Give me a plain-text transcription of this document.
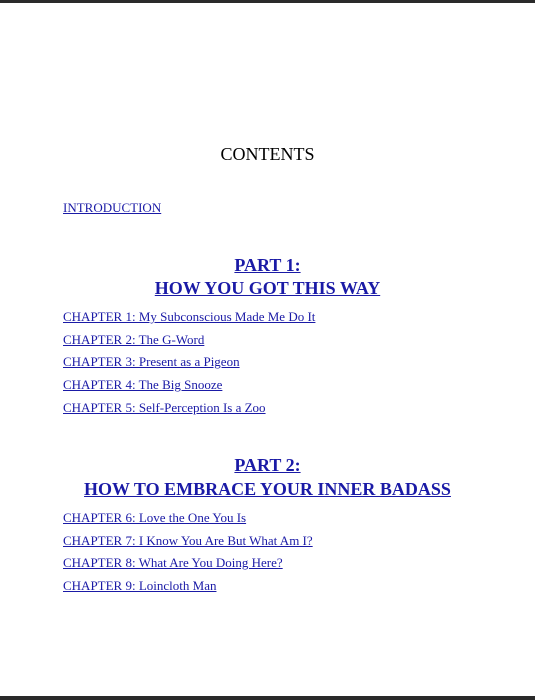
CONTENTS
INTRODUCTION
PART 1:
HOW YOU GOT THIS WAY
CHAPTER 1: My Subconscious Made Me Do It
CHAPTER 2: The G-Word
CHAPTER 3: Present as a Pigeon
CHAPTER 4: The Big Snooze
CHAPTER 5: Self-Perception Is a Zoo
PART 2:
HOW TO EMBRACE YOUR INNER BADASS
CHAPTER 6: Love the One You Is
CHAPTER 7: I Know You Are But What Am I?
CHAPTER 8: What Are You Doing Here?
CHAPTER 9: Loincloth Man
